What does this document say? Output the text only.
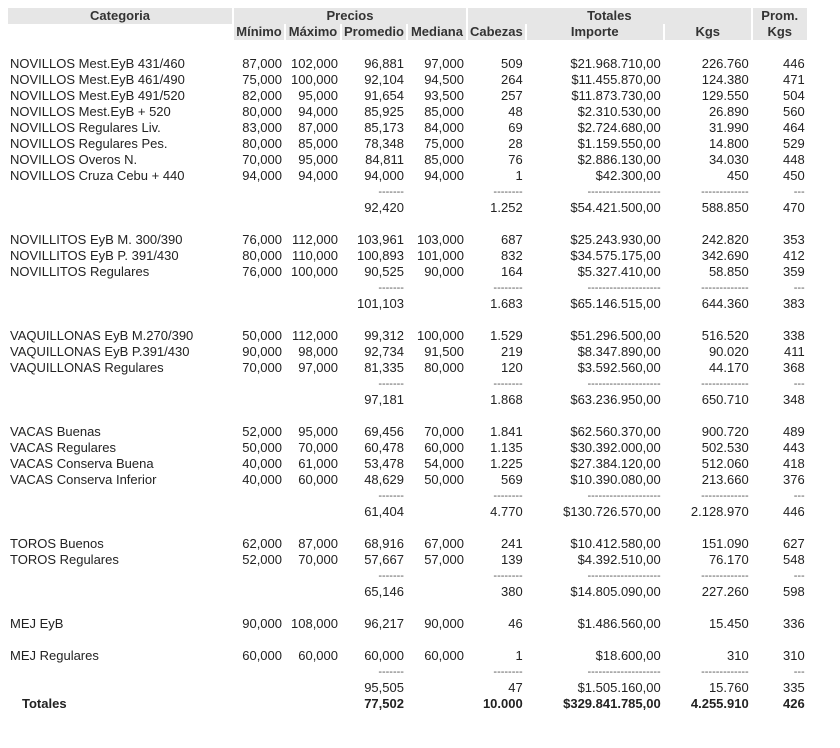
Categoria	Precios				Totales			Prom.
	Mínimo	Máximo	Promedio	Mediana	Cabezas	Importe	Kgs	Kgs

NOVILLOS Mest.EyB 431/460	87,000	102,000	96,881	97,000	509	$21.968.710,00	226.760	446
NOVILLOS Mest.EyB 461/490	75,000	100,000	92,104	94,500	264	$11.455.870,00	124.380	471
NOVILLOS Mest.EyB 491/520	82,000	95,000	91,654	93,500	257	$11.873.730,00	129.550	504
NOVILLOS Mest.EyB + 520	80,000	94,000	85,925	85,000	48	$2.310.530,00	26.890	560
NOVILLOS Regulares Liv.	83,000	87,000	85,173	84,000	69	$2.724.680,00	31.990	464
NOVILLOS Regulares Pes.	80,000	85,000	78,348	75,000	28	$1.159.550,00	14.800	529
NOVILLOS Overos N.	70,000	95,000	84,811	85,000	76	$2.886.130,00	34.030	448
NOVILLOS Cruza Cebu + 440	94,000	94,000	94,000	94,000	1	$42.300,00	450	450
			-------		--------	--------------------	-------------	---
			92,420		1.252	$54.421.500,00	588.850	470

NOVILLITOS EyB M. 300/390	76,000	112,000	103,961	103,000	687	$25.243.930,00	242.820	353
NOVILLITOS EyB P. 391/430	80,000	110,000	100,893	101,000	832	$34.575.175,00	342.690	412
NOVILLITOS Regulares	76,000	100,000	90,525	90,000	164	$5.327.410,00	58.850	359
			-------		--------	--------------------	-------------	---
			101,103		1.683	$65.146.515,00	644.360	383

VAQUILLONAS EyB M.270/390	50,000	112,000	99,312	100,000	1.529	$51.296.500,00	516.520	338
VAQUILLONAS EyB P.391/430	90,000	98,000	92,734	91,500	219	$8.347.890,00	90.020	411
VAQUILLONAS Regulares	70,000	97,000	81,335	80,000	120	$3.592.560,00	44.170	368
			-------		--------	--------------------	-------------	---
			97,181		1.868	$63.236.950,00	650.710	348

VACAS Buenas	52,000	95,000	69,456	70,000	1.841	$62.560.370,00	900.720	489
VACAS Regulares	50,000	70,000	60,478	60,000	1.135	$30.392.000,00	502.530	443
VACAS Conserva Buena	40,000	61,000	53,478	54,000	1.225	$27.384.120,00	512.060	418
VACAS Conserva Inferior	40,000	60,000	48,629	50,000	569	$10.390.080,00	213.660	376
			-------		--------	--------------------	-------------	---
			61,404		4.770	$130.726.570,00	2.128.970	446

TOROS Buenos	62,000	87,000	68,916	67,000	241	$10.412.580,00	151.090	627
TOROS Regulares	52,000	70,000	57,667	57,000	139	$4.392.510,00	76.170	548
			-------		--------	--------------------	-------------	---
			65,146		380	$14.805.090,00	227.260	598

MEJ EyB	90,000	108,000	96,217	90,000	46	$1.486.560,00	15.450	336

MEJ Regulares	60,000	60,000	60,000	60,000	1	$18.600,00	310	310
			-------		--------	--------------------	-------------	---
			95,505		47	$1.505.160,00	15.760	335
Totales			77,502		10.000	$329.841.785,00	4.255.910	426
